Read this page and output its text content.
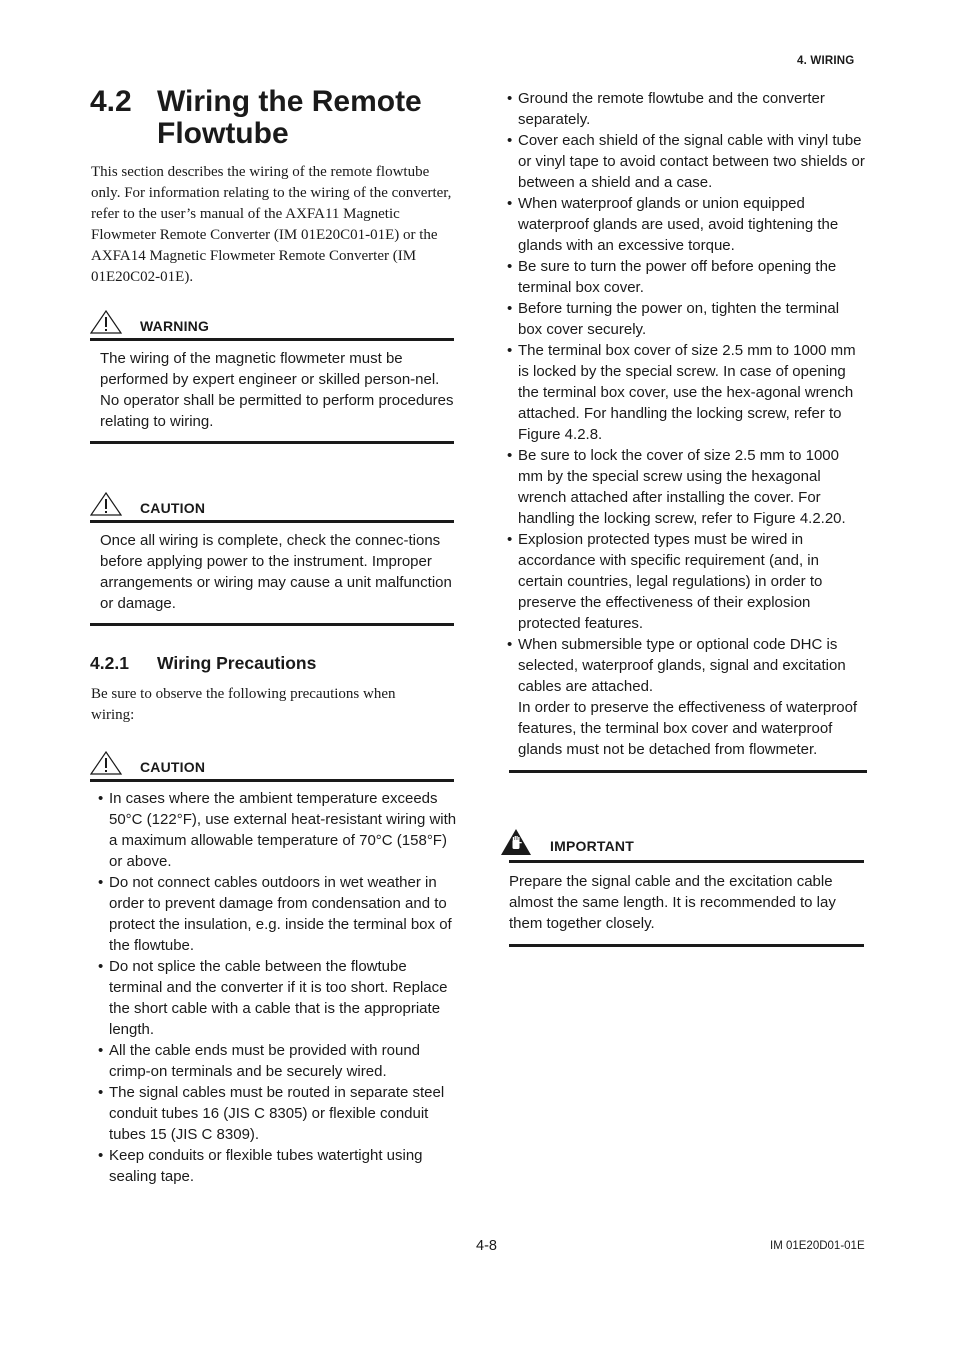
4. WIRING
4.2 Wiring the Remote Flowtube
This section describes the wiring of the remote flowtube only. For information relating to the wiring of the converter, refer to the user’s manual of the AXFA11 Magnetic Flowmeter Remote Converter (IM 01E20C01-01E) or the AXFA14 Magnetic Flowmeter Remote Converter (IM 01E20C02-01E).
WARNING
The wiring of the magnetic flowmeter must be performed by expert engineer or skilled person-nel. No operator shall be permitted to perform procedures relating to wiring.
CAUTION
Once all wiring is complete, check the connec-tions before applying power to the instrument. Improper arrangements or wiring may cause a unit malfunction or damage.
4.2.1 Wiring Precautions
Be sure to observe the following precautions when wiring:
CAUTION
• In cases where the ambient temperature exceeds 50°C (122°F), use external heat-resistant wiring with a maximum allowable temperature of 70°C (158°F) or above.
• Do not connect cables outdoors in wet weather in order to prevent damage from condensation and to protect the insulation, e.g. inside the terminal box of the flowtube.
• Do not splice the cable between the flowtube terminal and the converter if it is too short. Replace the short cable with a cable that is the appropriate length.
• All the cable ends must be provided with round crimp-on terminals and be securely wired.
• The signal cables must be routed in separate steel conduit tubes 16 (JIS C 8305) or flexible conduit tubes 15 (JIS C 8309).
• Keep conduits or flexible tubes watertight using sealing tape.
• Ground the remote flowtube and the converter separately.
• Cover each shield of the signal cable with vinyl tube or vinyl tape to avoid contact between two shields or between a shield and a case.
• When waterproof glands or union equipped waterproof glands are used, avoid tightening the glands with an excessive torque.
• Be sure to turn the power off before opening the terminal box cover.
• Before turning the power on, tighten the terminal box cover securely.
• The terminal box cover of size 2.5 mm to 1000 mm is locked by the special screw. In case of opening the terminal box cover, use the hex-agonal wrench attached. For handling the locking screw, refer to Figure 4.2.8.
• Be sure to lock the cover of size 2.5 mm to 1000 mm by the special screw using the hexagonal wrench attached after installing the cover. For handling the locking screw, refer to Figure 4.2.20.
• Explosion protected types must be wired in accordance with specific requirement (and, in certain countries, legal regulations) in order to preserve the effectiveness of their explosion protected features.
• When submersible type or optional code DHC is selected, waterproof glands, signal and excitation cables are attached.
In order to preserve the effectiveness of waterproof features, the terminal box cover and waterproof glands must not be detached from flowmeter.
IMPORTANT
Prepare the signal cable and the excitation cable almost the same length. It is recommended to lay them together closely.
4-8	IM 01E20D01-01E
